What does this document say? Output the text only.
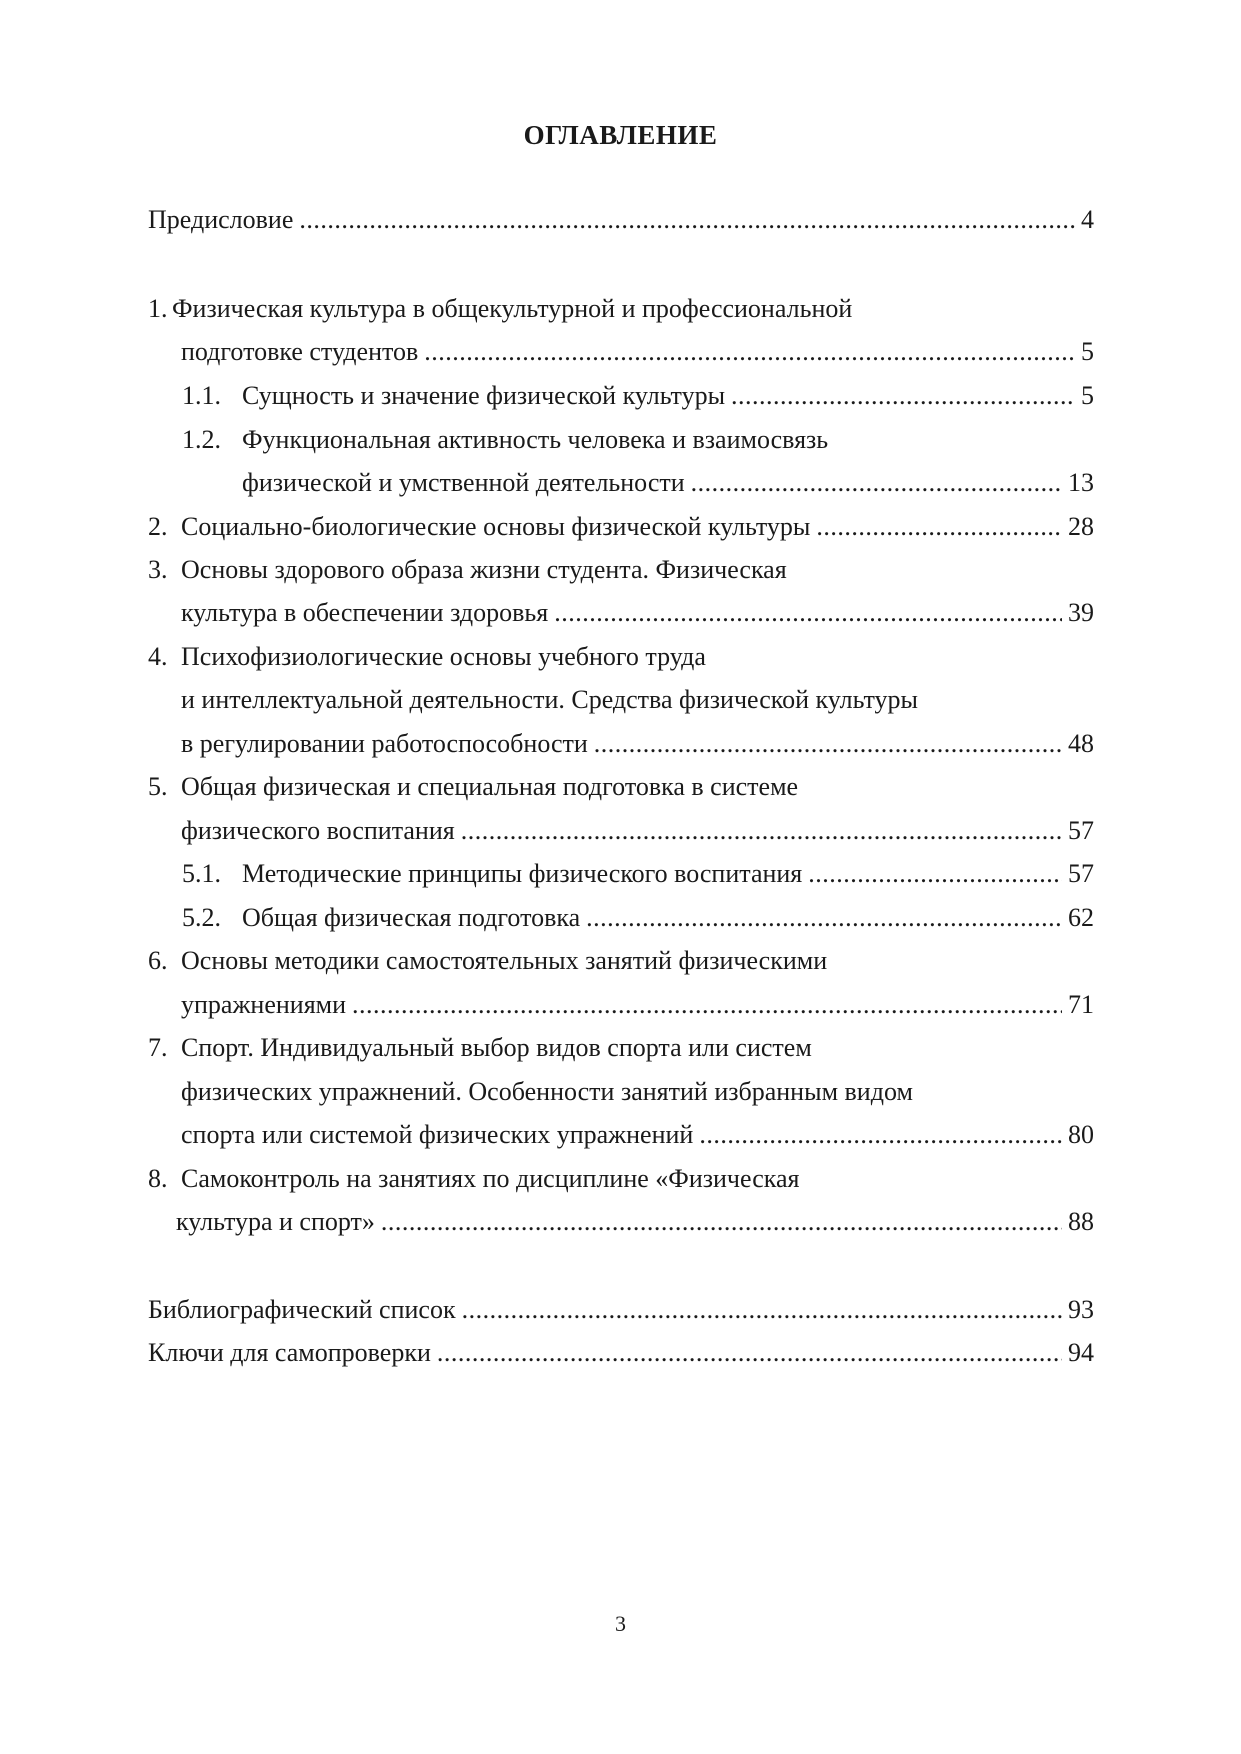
ОГЛАВЛЕНИЕ
Предисловие . . .	4
1. Физическая культура в общекультурной и профессиональной
подготовке студентов . . .	5
1.1. Сущность и значение физической культуры . . .	5
1.2. Функциональная активность человека и взаимосвязь
физической и умственной деятельности . . .	13
2. Социально-биологические основы физической культуры . . .	28
3. Основы здорового образа жизни студента. Физическая
культура в обеспечении здоровья . . .	39
4. Психофизиологические основы учебного труда
и интеллектуальной деятельности. Средства физической культуры
в регулировании работоспособности . . .	48
5. Общая физическая и специальная подготовка в системе
физического воспитания . . .	57
5.1. Методические принципы физического воспитания . . .	57
5.2. Общая физическая подготовка . . .	62
6. Основы методики самостоятельных занятий физическими
упражнениями . . .	71
7. Спорт. Индивидуальный выбор видов спорта или систем
физических упражнений. Особенности занятий избранным видом
спорта или системой физических упражнений . . .	80
8. Самоконтроль на занятиях по дисциплине «Физическая
культура и спорт» . . .	88
Библиографический список . . .	93
Ключи для самопроверки . . .	94
3
